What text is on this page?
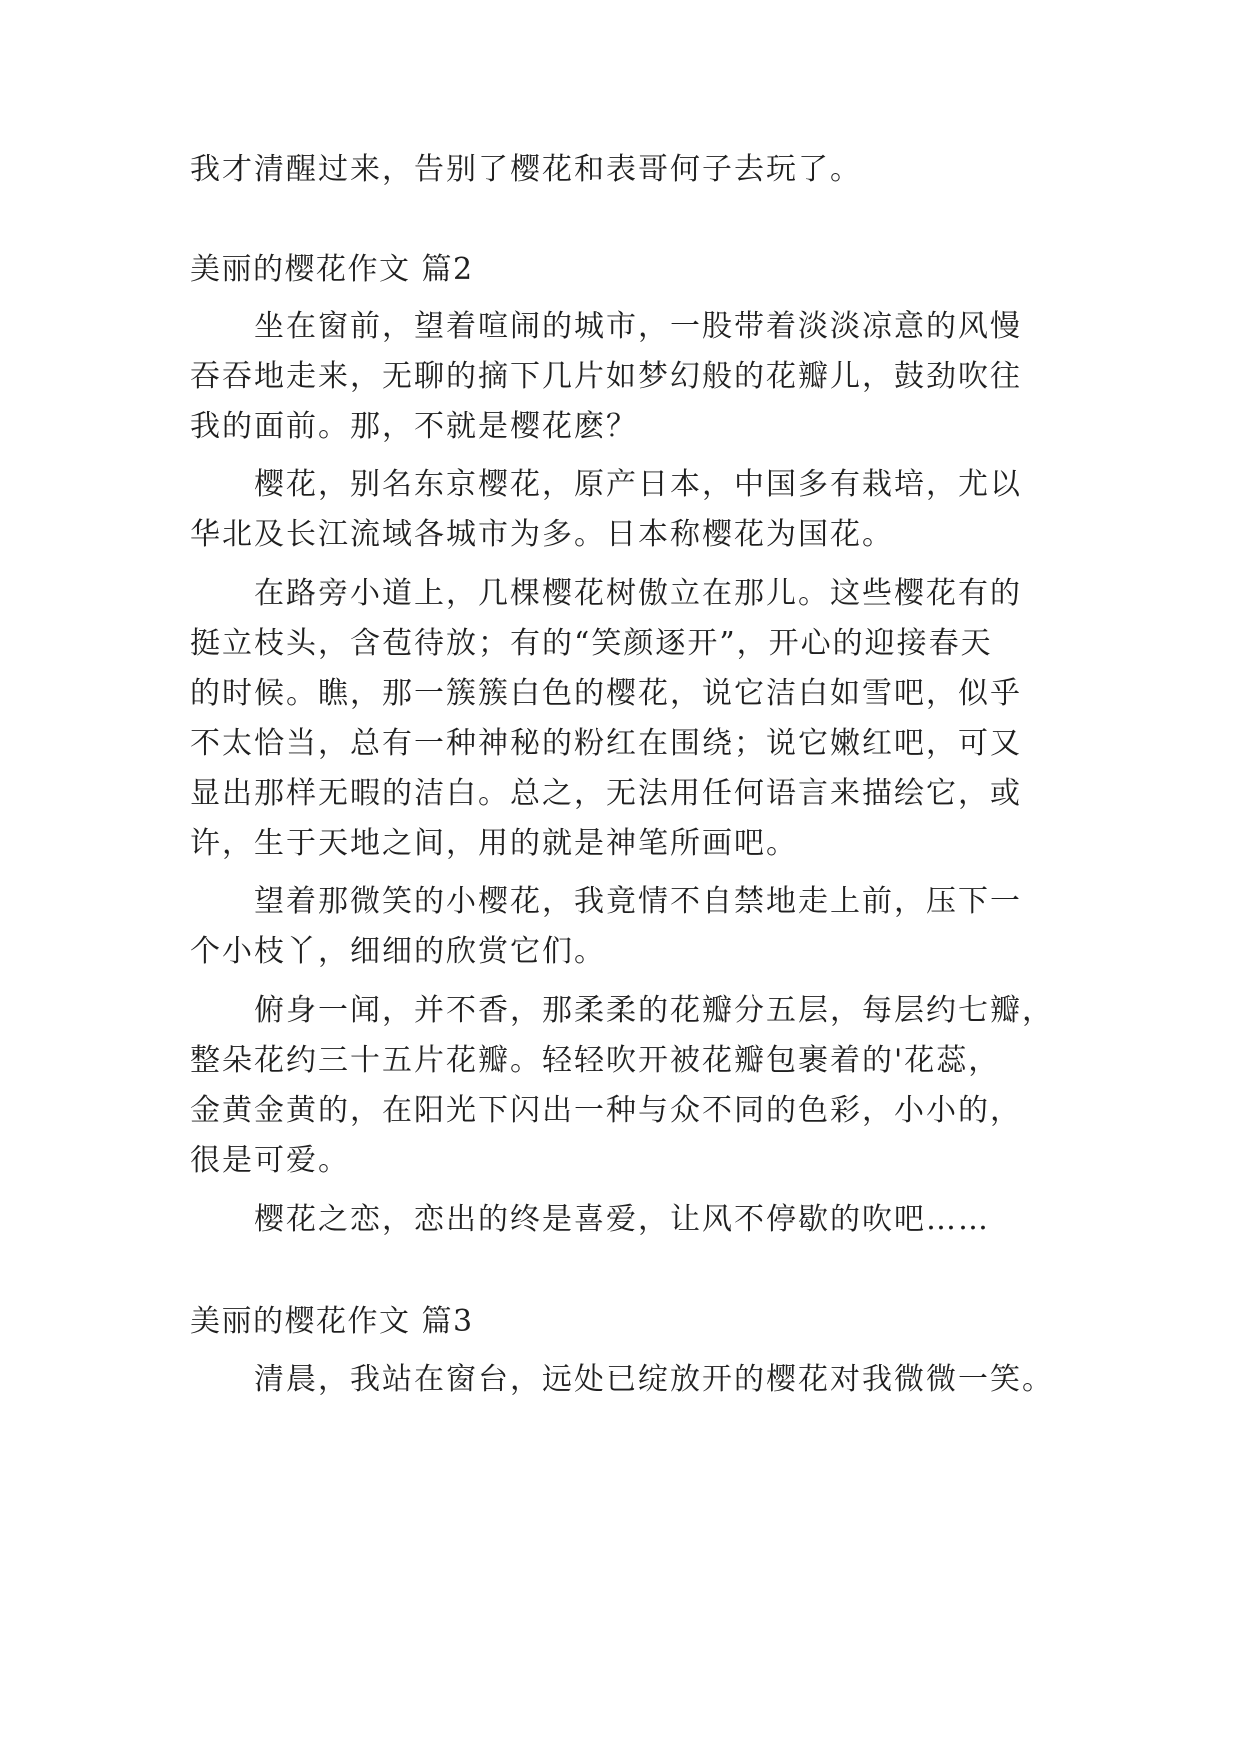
我才清醒过来，告别了樱花和表哥何子去玩了。
美丽的樱花作文 篇2
坐在窗前，望着喧闹的城市，一股带着淡淡凉意的风慢
吞吞地走来，无聊的摘下几片如梦幻般的花瓣儿，鼓劲吹往
我的面前。那，不就是樱花麽？
樱花，别名东京樱花，原产日本，中国多有栽培，尤以
华北及长江流域各城市为多。日本称樱花为国花。
在路旁小道上，几棵樱花树傲立在那儿。这些樱花有的
挺立枝头，含苞待放；有的“笑颜逐开”，开心的迎接春天
的时候。瞧，那一簇簇白色的樱花，说它洁白如雪吧，似乎
不太恰当，总有一种神秘的粉红在围绕；说它嫩红吧，可又
显出那样无暇的洁白。总之，无法用任何语言来描绘它，或
许，生于天地之间，用的就是神笔所画吧。
望着那微笑的小樱花，我竟情不自禁地走上前，压下一
个小枝丫，细细的欣赏它们。
俯身一闻，并不香，那柔柔的花瓣分五层，每层约七瓣，
整朵花约三十五片花瓣。轻轻吹开被花瓣包裹着的'花蕊，
金黄金黄的，在阳光下闪出一种与众不同的色彩，小小的，
很是可爱。
樱花之恋，恋出的终是喜爱，让风不停歇的吹吧……
美丽的樱花作文 篇3
清晨，我站在窗台，远处已绽放开的樱花对我微微一笑。
